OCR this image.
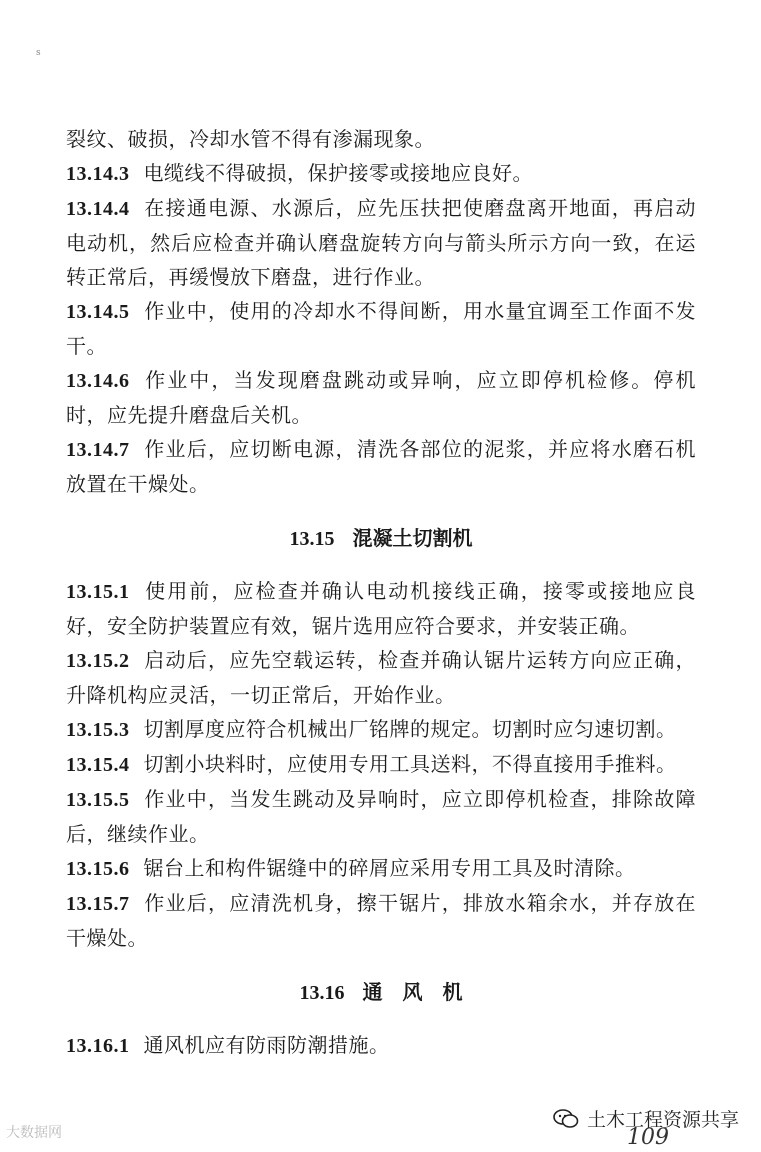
s

裂纹、破损，冷却水管不得有渗漏现象。

13.14.3 电缆线不得破损，保护接零或接地应良好。

13.14.4 在接通电源、水源后，应先压扶把使磨盘离开地面，再启动电动机，然后应检查并确认磨盘旋转方向与箭头所示方向一致，在运转正常后，再缓慢放下磨盘，进行作业。

13.14.5 作业中，使用的冷却水不得间断，用水量宜调至工作面不发干。

13.14.6 作业中，当发现磨盘跳动或异响，应立即停机检修。停机时，应先提升磨盘后关机。

13.14.7 作业后，应切断电源，清洗各部位的泥浆，并应将水磨石机放置在干燥处。

13.15 混凝土切割机

13.15.1 使用前，应检查并确认电动机接线正确，接零或接地应良好，安全防护装置应有效，锯片选用应符合要求，并安装正确。

13.15.2 启动后，应先空载运转，检查并确认锯片运转方向应正确，升降机构应灵活，一切正常后，开始作业。

13.15.3 切割厚度应符合机械出厂铭牌的规定。切割时应匀速切割。

13.15.4 切割小块料时，应使用专用工具送料，不得直接用手推料。

13.15.5 作业中，当发生跳动及异响时，应立即停机检查，排除故障后，继续作业。

13.15.6 锯台上和构件锯缝中的碎屑应采用专用工具及时清除。

13.15.7 作业后，应清洗机身，擦干锯片，排放水箱余水，并存放在干燥处。

13.16 通　风　机

13.16.1 通风机应有防雨防潮措施。

大数据网	109
土木工程资源共享
